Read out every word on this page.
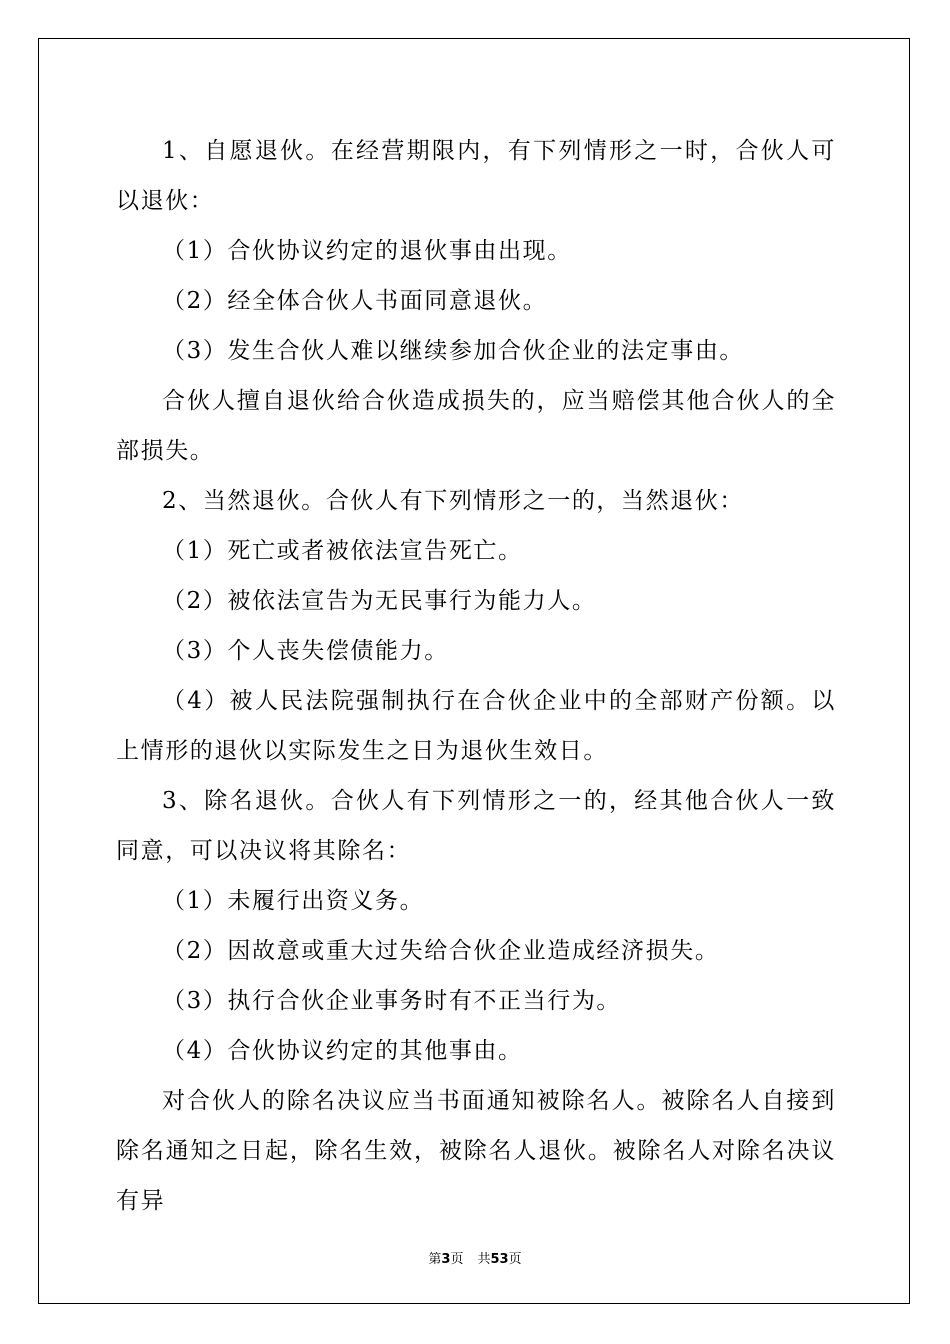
1、自愿退伙。在经营期限内，有下列情形之一时，合伙人可以退伙：

（1）合伙协议约定的退伙事由出现。

（2）经全体合伙人书面同意退伙。

（3）发生合伙人难以继续参加合伙企业的法定事由。

合伙人擅自退伙给合伙造成损失的，应当赔偿其他合伙人的全部损失。

2、当然退伙。合伙人有下列情形之一的，当然退伙：

（1）死亡或者被依法宣告死亡。

（2）被依法宣告为无民事行为能力人。

（3）个人丧失偿债能力。

（4）被人民法院强制执行在合伙企业中的全部财产份额。以上情形的退伙以实际发生之日为退伙生效日。

3、除名退伙。合伙人有下列情形之一的，经其他合伙人一致同意，可以决议将其除名：

（1）未履行出资义务。

（2）因故意或重大过失给合伙企业造成经济损失。

（3）执行合伙企业事务时有不正当行为。

（4）合伙协议约定的其他事由。

对合伙人的除名决议应当书面通知被除名人。被除名人自接到除名通知之日起，除名生效，被除名人退伙。被除名人对除名决议有异

第3页 共53页
